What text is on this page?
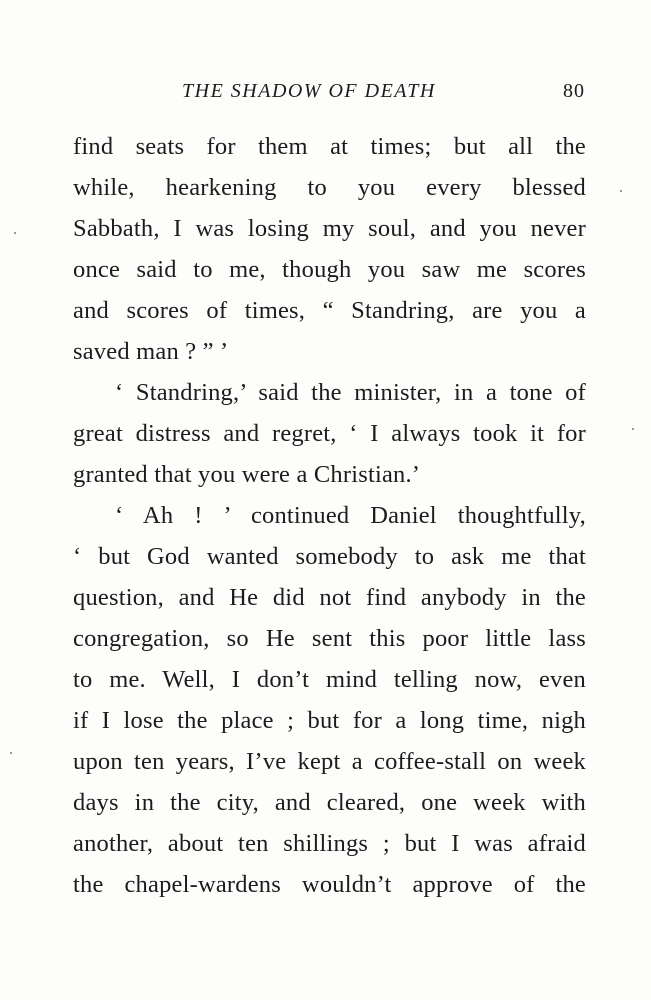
THE SHADOW OF DEATH	80
find seats for them at times; but all the
while, hearkening to you every blessed
Sabbath, I was losing my soul, and you never
once said to me, though you saw me scores
and scores of times, “ Standring, are you a
saved man ? ” ’
‘ Standring,’ said the minister, in a tone of
great distress and regret, ‘ I always took it for
granted that you were a Christian.’
‘ Ah ! ’ continued Daniel thoughtfully,
‘ but God wanted somebody to ask me that
question, and He did not find anybody in the
congregation, so He sent this poor little lass
to me. Well, I don’t mind telling now, even
if I lose the place ; but for a long time, nigh
upon ten years, I’ve kept a coffee-stall on week
days in the city, and cleared, one week with
another, about ten shillings ; but I was afraid
the chapel-wardens wouldn’t approve of the
